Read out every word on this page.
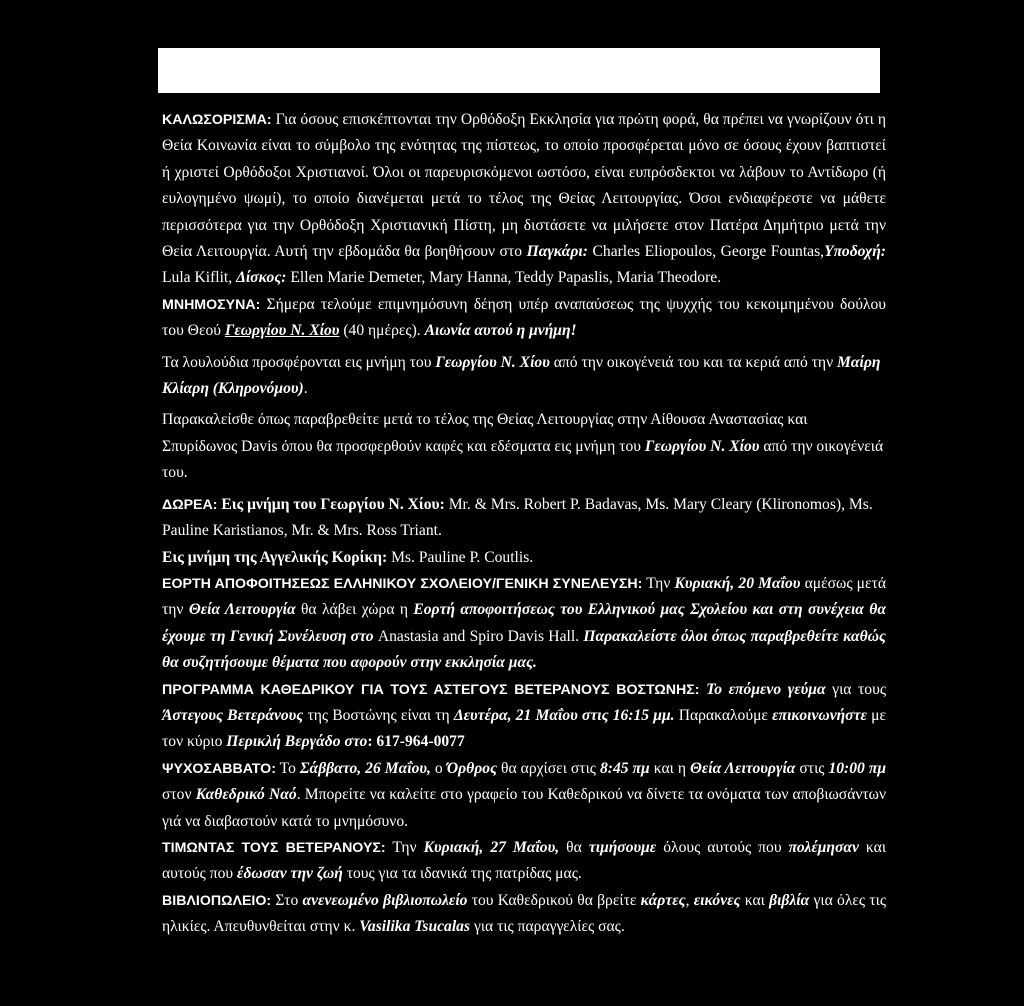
ΚΑΛΩΣΟΡΙΣΜΑ: Για όσους επισκέπτονται την Ορθόδοξη Εκκλησία για πρώτη φορά, θα πρέπει να γνωρίζουν ότι η Θεία Κοινωνία είναι το σύμβολο της ενότητας της πίστεως, το οποίο προσφέρεται μόνο σε όσους έχουν βαπτιστεί ή χριστεί Ορθόδοξοι Χριστιανοί. Όλοι οι παρευρισκόμενοι ωστόσο, είναι ευπρόσδεκτοι να λάβουν το Αντίδωρο (ή ευλογημένο ψωμί), το οποίο διανέμεται μετά το τέλος της Θείας Λειτουργίας. Όσοι ενδιαφέρεστε να μάθετε περισσότερα για την Ορθόδοξη Χριστιανική Πίστη, μη διστάσετε να μιλήσετε στον Πατέρα Δημήτριο μετά την Θεία Λειτουργία. Αυτή την εβδομάδα θα βοηθήσουν στο Παγκάρι: Charles Eliopoulos, George Fountas,Υποδοχή: Lula Kiflit, Δίσκος: Ellen Marie Demeter, Mary Hanna, Teddy Papaslis, Maria Theodore.

ΜΝΗΜΟΣΥΝΑ: Σήμερα τελούμε επιμνημόσυνη δέηση υπέρ αναπαύσεως της ψυχχής του κεκοιμημένου δούλου του Θεού Γεωργίου Ν. Χίου (40 ημέρες). Αιωνία αυτού η μνήμη!

Τα λουλούδια προσφέρονται εις μνήμη του Γεωργίου Ν. Χίου από την οικογένειά του και τα κεριά από την Μαίρη Κλίαρη (Κληρονόμου).

Παρακαλείσθε όπως παραβρεθείτε μετά το τέλος της Θείας Λειτουργίας στην Αίθουσα Αναστασίας και Σπυρίδωνος Davis όπου θα προσφερθούν καφές και εδέσματα εις μνήμη του Γεωργίου Ν. Χίου από την οικογένειά του.

ΔΩΡΕΑ: Εις μνήμη του Γεωργίου Ν. Χίου: Mr. & Mrs. Robert P. Badavas, Ms. Mary Cleary (Klironomos), Ms. Pauline Karistianos, Mr. & Mrs. Ross Triant.

Εις μνήμη της Αγγελικής Κορίκη: Ms. Pauline P. Coutlis.

ΕΟΡΤΗ ΑΠΟΦΟΙΤΗΣΕΩΣ ΕΛΛΗΝΙΚΟΥ ΣΧΟΛΕΙΟΥ/ΓΕΝΙΚΗ ΣΥΝΕΛΕΥΣΗ: Την Κυριακή, 20 Μαΐου αμέσως μετά την Θεία Λειτουργία θα λάβει χώρα η Εορτή αποφοιτήσεως του Ελληνικού μας Σχολείου και στη συνέχεια θα έχουμε τη Γενική Συνέλευση στο Anastasia and Spiro Davis Hall. Παρακαλείστε όλοι όπως παραβρεθείτε καθώς θα συζητήσουμε θέματα που αφορούν στην εκκλησία μας.

ΠΡΟΓΡΑΜΜΑ ΚΑΘΕΔΡΙΚΟΥ ΓΙΑ ΤΟΥΣ ΑΣΤΕΓΟΥΣ ΒΕΤΕΡΑΝΟΥΣ ΒΟΣΤΩΝΗΣ: Το επόμενο γεύμα για τους Άστεγους Βετεράνους της Βοστώνης είναι τη Δευτέρα, 21 Μαΐου στις 16:15 μμ. Παρακαλούμε επικοινωνήστε με τον κύριο Περικλή Βεργάδο στο: 617-964-0077

ΨΥΧΟΣΑΒΒΑΤΟ: Το Σάββατο, 26 Μαΐου, ο Όρθρος θα αρχίσει στις 8:45 πμ και η Θεία Λειτουργία στις 10:00 πμ στον Καθεδρικό Ναό. Μπορείτε να καλείτε στο γραφείο του Καθεδρικού να δίνετε τα ονόματα των αποβιωσάντων γιά να διαβαστούν κατά το μνημόσυνο.

ΤΙΜΩΝΤΑΣ ΤΟΥΣ ΒΕΤΕΡΑΝΟΥΣ: Την Κυριακή, 27 Μαΐου, θα τιμήσουμε όλους αυτούς που πολέμησαν και αυτούς που έδωσαν την ζωή τους για τα ιδανικά της πατρίδας μας.

ΒΙΒΛΙΟΠΩΛΕΙΟ: Στο ανενεωμένο βιβλιοπωλείο του Καθεδρικού θα βρείτε κάρτες, εικόνες και βιβλία για όλες τις ηλικίες. Απευθυνθείται στην κ. Vasilika Tsucalas για τις παραγγελίες σας.
